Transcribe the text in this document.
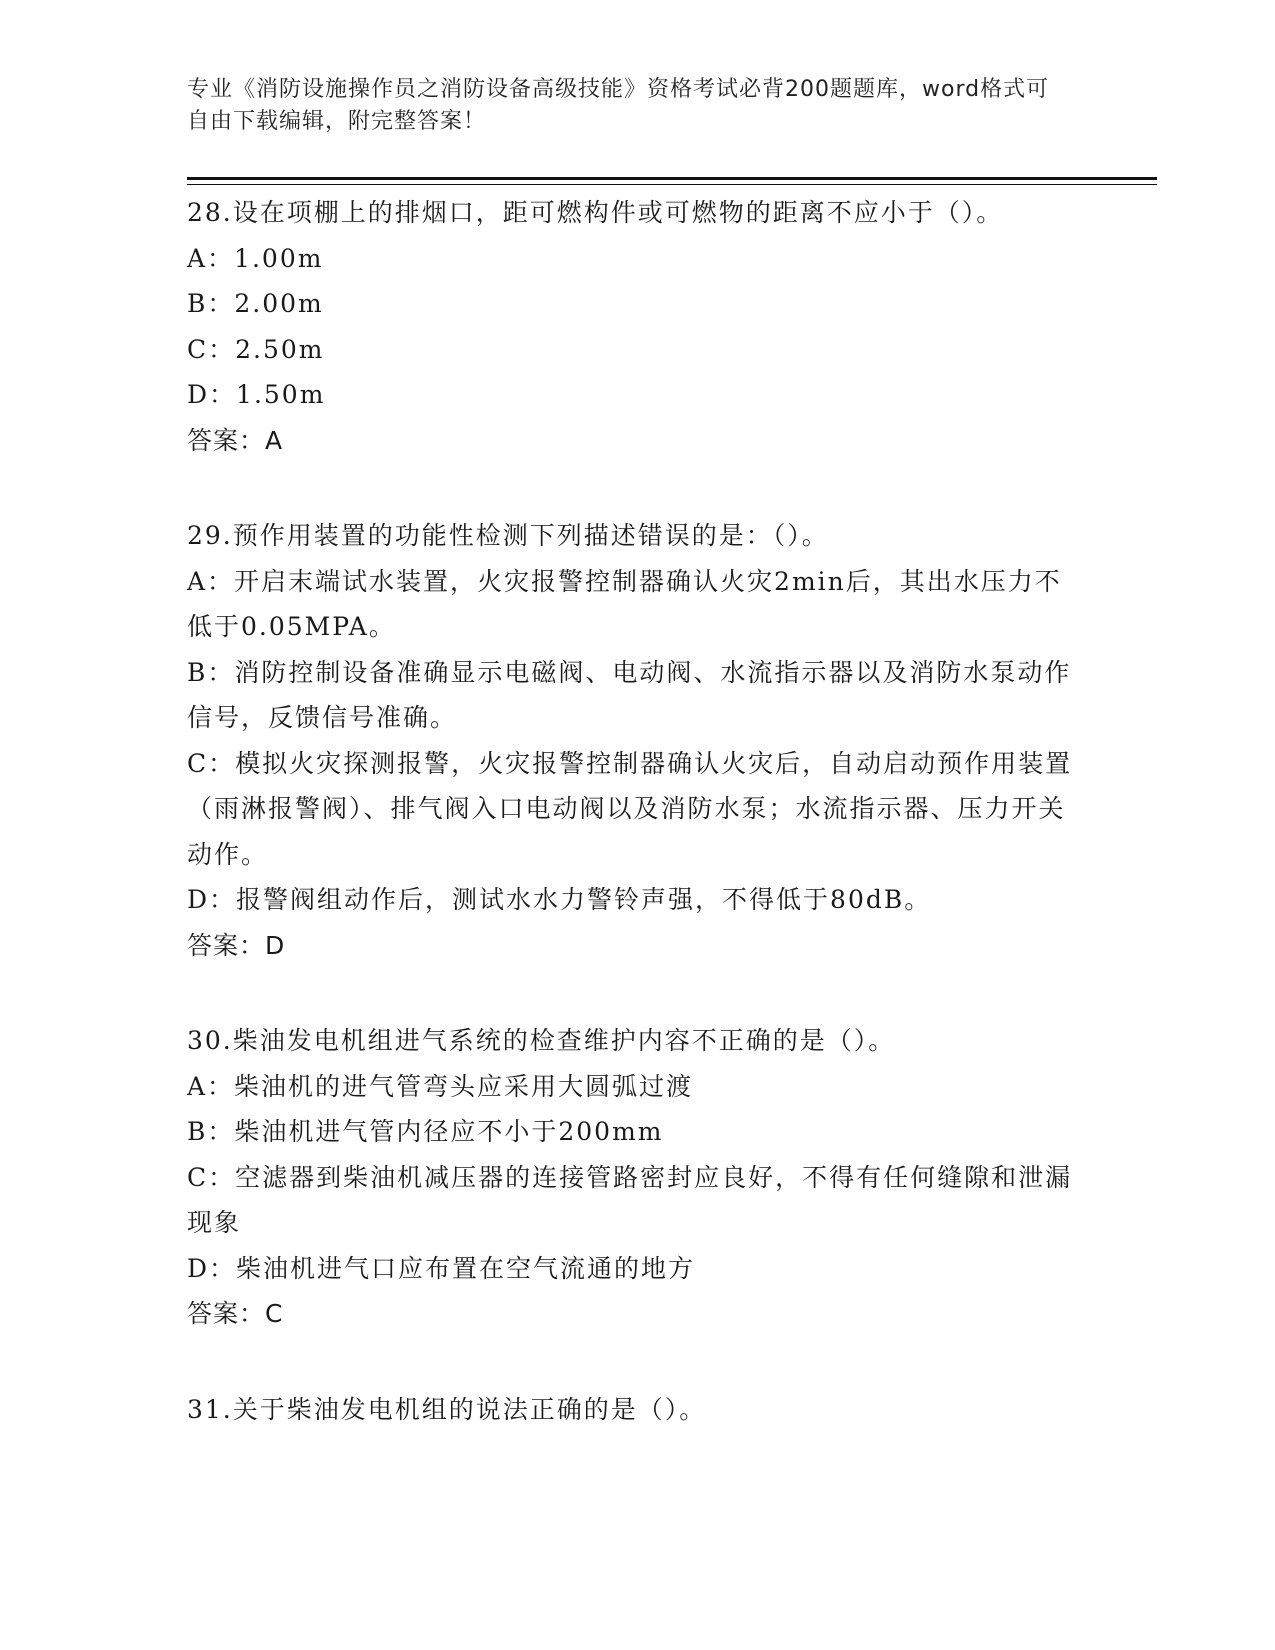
专业《消防设施操作员之消防设备高级技能》资格考试必背200题题库，word格式可自由下载编辑，附完整答案！

28.设在项棚上的排烟口，距可燃构件或可燃物的距离不应小于（）。

A：1.00m

B：2.00m

C：2.50m

D：1.50m

答案：A

29.预作用装置的功能性检测下列描述错误的是：（）。

A：开启末端试水装置，火灾报警控制器确认火灾2min后，其出水压力不低于0.05MPA。

B：消防控制设备准确显示电磁阀、电动阀、水流指示器以及消防水泵动作信号，反馈信号准确。

C：模拟火灾探测报警，火灾报警控制器确认火灾后，自动启动预作用装置（雨淋报警阀）、排气阀入口电动阀以及消防水泵；水流指示器、压力开关动作。

D：报警阀组动作后，测试水水力警铃声强，不得低于80dB。

答案：D

30.柴油发电机组进气系统的检查维护内容不正确的是（）。

A：柴油机的进气管弯头应采用大圆弧过渡

B：柴油机进气管内径应不小于200mm

C：空滤器到柴油机减压器的连接管路密封应良好，不得有任何缝隙和泄漏现象

D：柴油机进气口应布置在空气流通的地方

答案：C

31.关于柴油发电机组的说法正确的是（）。
